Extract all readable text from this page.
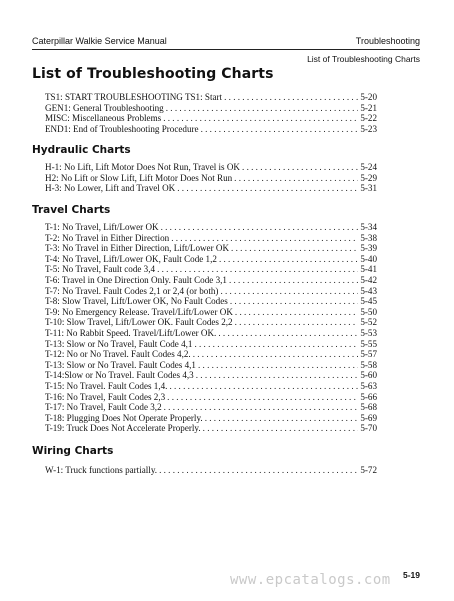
Caterpillar Walkie Service Manual	Troubleshooting
List of Troubleshooting Charts
List of Troubleshooting Charts
TS1: START TROUBLESHOOTING TS1: Start . . .	5-20
GEN1: General Troubleshooting . . .	5-21
MISC: Miscellaneous Problems . . .	5-22
END1: End of Troubleshooting Procedure . . .	5-23
Hydraulic Charts
H-1: No Lift, Lift Motor Does Not Run, Travel is OK . . .	5-24
H2: No Lift or Slow Lift, Lift Motor Does Not Run . . .	5-29
H-3: No Lower, Lift and Travel OK . . .	5-31
Travel Charts
T-1: No Travel, Lift/Lower OK . . .	5-34
T-2: No Travel in Either Direction . . .	5-38
T-3: No Travel in Either Direction, Lift/Lower OK . . .	5-39
T-4: No Travel, Lift/Lower OK, Fault Code 1,2 . . .	5-40
T-5: No Travel, Fault code 3,4 . . .	5-41
T-6: Travel in One Direction Only. Fault Code 3,1 . . .	5-42
T-7: No Travel. Fault Codes 2,1 or 2,4 (or both) . . .	5-43
T-8: Slow Travel, Lift/Lower OK, No Fault Codes . . .	5-45
T-9: No Emergency Release. Travel/Lift/Lower OK . . .	5-50
T-10: Slow Travel, Lift/Lower OK. Fault Codes 2,2 . . .	5-52
T-11: No Rabbit Speed. Travel/Lift/Lower OK. . . .	5-53
T-13: Slow or No Travel, Fault Code 4,1 . . .	5-55
T-12: No or No Travel. Fault Codes 4,2. . . .	5-57
T-13: Slow or No Travel. Fault Codes 4,1 . . .	5-58
T-14:Slow or No Travel. Fault Codes 4,3 . . .	5-60
T-15: No Travel. Fault Codes 1,4. . . .	5-63
T-16: No Travel, Fault Codes 2,3 . . .	5-66
T-17: No Travel, Fault Code 3,2 . . .	5-68
T-18: Plugging Does Not Operate Properly. . . .	5-69
T-19: Truck Does Not Accelerate Properly. . . .	5-70
Wiring Charts
W-1: Truck functions partially. . . .	5-72
www.epcatalogs.com 5-19
